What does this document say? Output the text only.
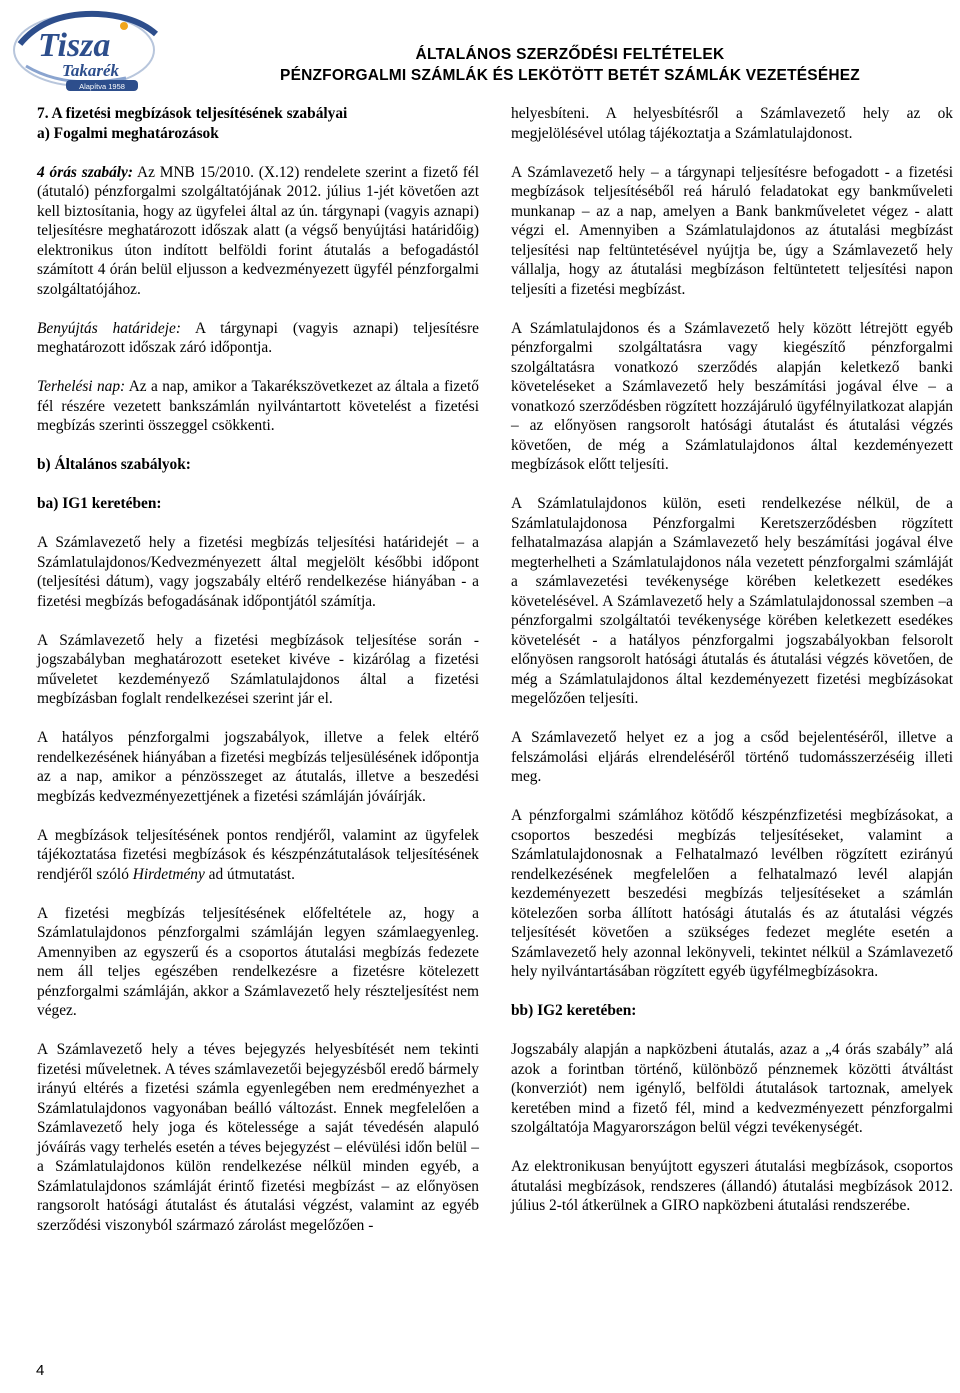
Tisza
Takarék
Alapítva 1958
ÁLTALÁNOS SZERZŐDÉSI FELTÉTELEK
PÉNZFORGALMI SZÁMLÁK ÉS LEKÖTÖTT BETÉT SZÁMLÁK VEZETÉSÉHEZ
7. A fizetési megbízások teljesítésének szabályai
a) Fogalmi meghatározások

4 órás szabály: Az MNB 15/2010. (X.12) rendelete szerint a fizető fél (átutaló) pénzforgalmi szolgáltatójának 2012. július 1-jét követően azt kell biztosítania, hogy az ügyfelei által az ún. tárgynapi (vagyis aznapi) teljesítésre meghatározott időszak alatt (a végső benyújtási határidőig) elektronikus úton indított belföldi forint átutalás a befogadástól számított 4 órán belül eljusson a kedvezményezett ügyfél pénzforgalmi szolgáltatójához.

Benyújtás határideje: A tárgynapi (vagyis aznapi) teljesítésre meghatározott időszak záró időpontja.

Terhelési nap: Az a nap, amikor a Takarékszövetkezet az általa a fizető fél részére vezetett bankszámlán nyilvántartott követelést a fizetési megbízás szerinti összeggel csökkenti.

b) Általános szabályok:
ba) IG1 keretében:

A Számlavezető hely a fizetési megbízás teljesítési határidejét – a Számlatulajdonos/Kedvezményezett által megjelölt későbbi időpont (teljesítési dátum), vagy jogszabály eltérő rendelkezése hiányában - a fizetési megbízás befogadásának időpontjától számítja.

A Számlavezető hely a fizetési megbízások teljesítése során - jogszabályban meghatározott eseteket kivéve - kizárólag a fizetési műveletet kezdeményező Számlatulajdonos által a fizetési megbízásban foglalt rendelkezései szerint jár el.

A hatályos pénzforgalmi jogszabályok, illetve a felek eltérő rendelkezésének hiányában a fizetési megbízás teljesülésének időpontja az a nap, amikor a pénzösszeget az átutalás, illetve a beszedési megbízás kedvezményezettjének a fizetési számláján jóváírják.

A megbízások teljesítésének pontos rendjéről, valamint az ügyfelek tájékoztatása fizetési megbízások és készpénzátutalások teljesítésének rendjéről szóló Hirdetmény ad útmutatást.

A fizetési megbízás teljesítésének előfeltétele az, hogy a Számlatulajdonos pénzforgalmi számláján legyen számlaegyenleg. Amennyiben az egyszerű és a csoportos átutalási megbízás fedezete nem áll teljes egészében rendelkezésre a fizetésre kötelezett pénzforgalmi számláján, akkor a Számlavezető hely részteljesítést nem végez.

A Számlavezető hely a téves bejegyzés helyesbítését nem tekinti fizetési műveletnek. A téves számlavezetői bejegyzésből eredő bármely irányú eltérés a fizetési számla egyenlegében nem eredményezhet a Számlatulajdonos vagyonában beálló változást. Ennek megfelelően a Számlavezető hely joga és kötelessége a saját tévedésén alapuló jóváírás vagy terhelés esetén a téves bejegyzést – elévülési időn belül – a Számlatulajdonos külön rendelkezése nélkül minden egyéb, a Számlatulajdonos számláját érintő fizetési megbízást – az előnyösen rangsorolt hatósági átutalást és átutalási végzést, valamint az egyéb szerződési viszonyból származó zárolást megelőzően -

helyesbíteni. A helyesbítésről a Számlavezető hely az ok megjelölésével utólag tájékoztatja a Számlatulajdonost.

A Számlavezető hely – a tárgynapi teljesítésre befogadott - a fizetési megbízások teljesítéséből reá háruló feladatokat egy bankműveleti munkanap – az a nap, amelyen a Bank bankműveletet végez - alatt végzi el. Amennyiben a Számlatulajdonos az átutalási megbízást teljesítési nap feltüntetésével nyújtja be, úgy a Számlavezető hely vállalja, hogy az átutalási megbízáson feltüntetett teljesítési napon teljesíti a fizetési megbízást.

A Számlatulajdonos és a Számlavezető hely között létrejött egyéb pénzforgalmi szolgáltatásra vagy kiegészítő pénzforgalmi szolgáltatásra vonatkozó szerződés alapján keletkező banki követeléseket a Számlavezető hely beszámítási jogával élve – a vonatkozó szerződésben rögzített hozzájáruló ügyfélnyilatkozat alapján – az előnyösen rangsorolt hatósági átutalást és átutalási végzés követően, de még a Számlatulajdonos által kezdeményezett megbízások előtt teljesíti.

A Számlatulajdonos külön, eseti rendelkezése nélkül, de a Számlatulajdonosa Pénzforgalmi Keretszerződésben rögzített felhatalmazása alapján a Számlavezető hely beszámítási jogával élve megterhelheti a Számlatulajdonos nála vezetett pénzforgalmi számláját a számlavezetési tevékenysége körében keletkezett esedékes követelésével. A Számlavezető hely a Számlatulajdonossal szemben –a pénzforgalmi szolgáltatói tevékenysége körében keletkezett esedékes követelését - a hatályos pénzforgalmi jogszabályokban felsorolt előnyösen rangsorolt hatósági átutalás és átutalási végzés követően, de még a Számlatulajdonos által kezdeményezett fizetési megbízásokat megelőzően teljesíti.

A Számlavezető helyet ez a jog a csőd bejelentéséről, illetve a felszámolási eljárás elrendeléséről történő tudomásszerzéséig illeti meg.

A pénzforgalmi számlához kötődő készpénzfizetési megbízásokat, a csoportos beszedési megbízás teljesítéseket, valamint a Számlatulajdonosnak a Felhatalmazó levélben rögzített ezirányú rendelkezésének megfelelően a felhatalmazó levél alapján kezdeményezett beszedési megbízás teljesítéseket a számlán kötelezően sorba állított hatósági átutalás és az átutalási végzés teljesítését követően a szükséges fedezet megléte esetén a Számlavezető hely azonnal lekönyveli, tekintet nélkül a Számlavezető hely nyilvántartásában rögzített egyéb ügyfélmegbízásokra.

bb) IG2 keretében:

Jogszabály alapján a napközbeni átutalás, azaz a „4 órás szabály” alá azok a forintban történő, különböző pénznemek közötti átváltást (konverziót) nem igénylő, belföldi átutalások tartoznak, amelyek keretében mind a fizető fél, mind a kedvezményezett pénzforgalmi szolgáltatója Magyarországon belül végzi tevékenységét.

Az elektronikusan benyújtott egyszeri átutalási megbízások, csoportos átutalási megbízások, rendszeres (állandó) átutalási megbízások 2012. július 2-tól átkerülnek a GIRO napközbeni átutalási rendszerébe.

4
